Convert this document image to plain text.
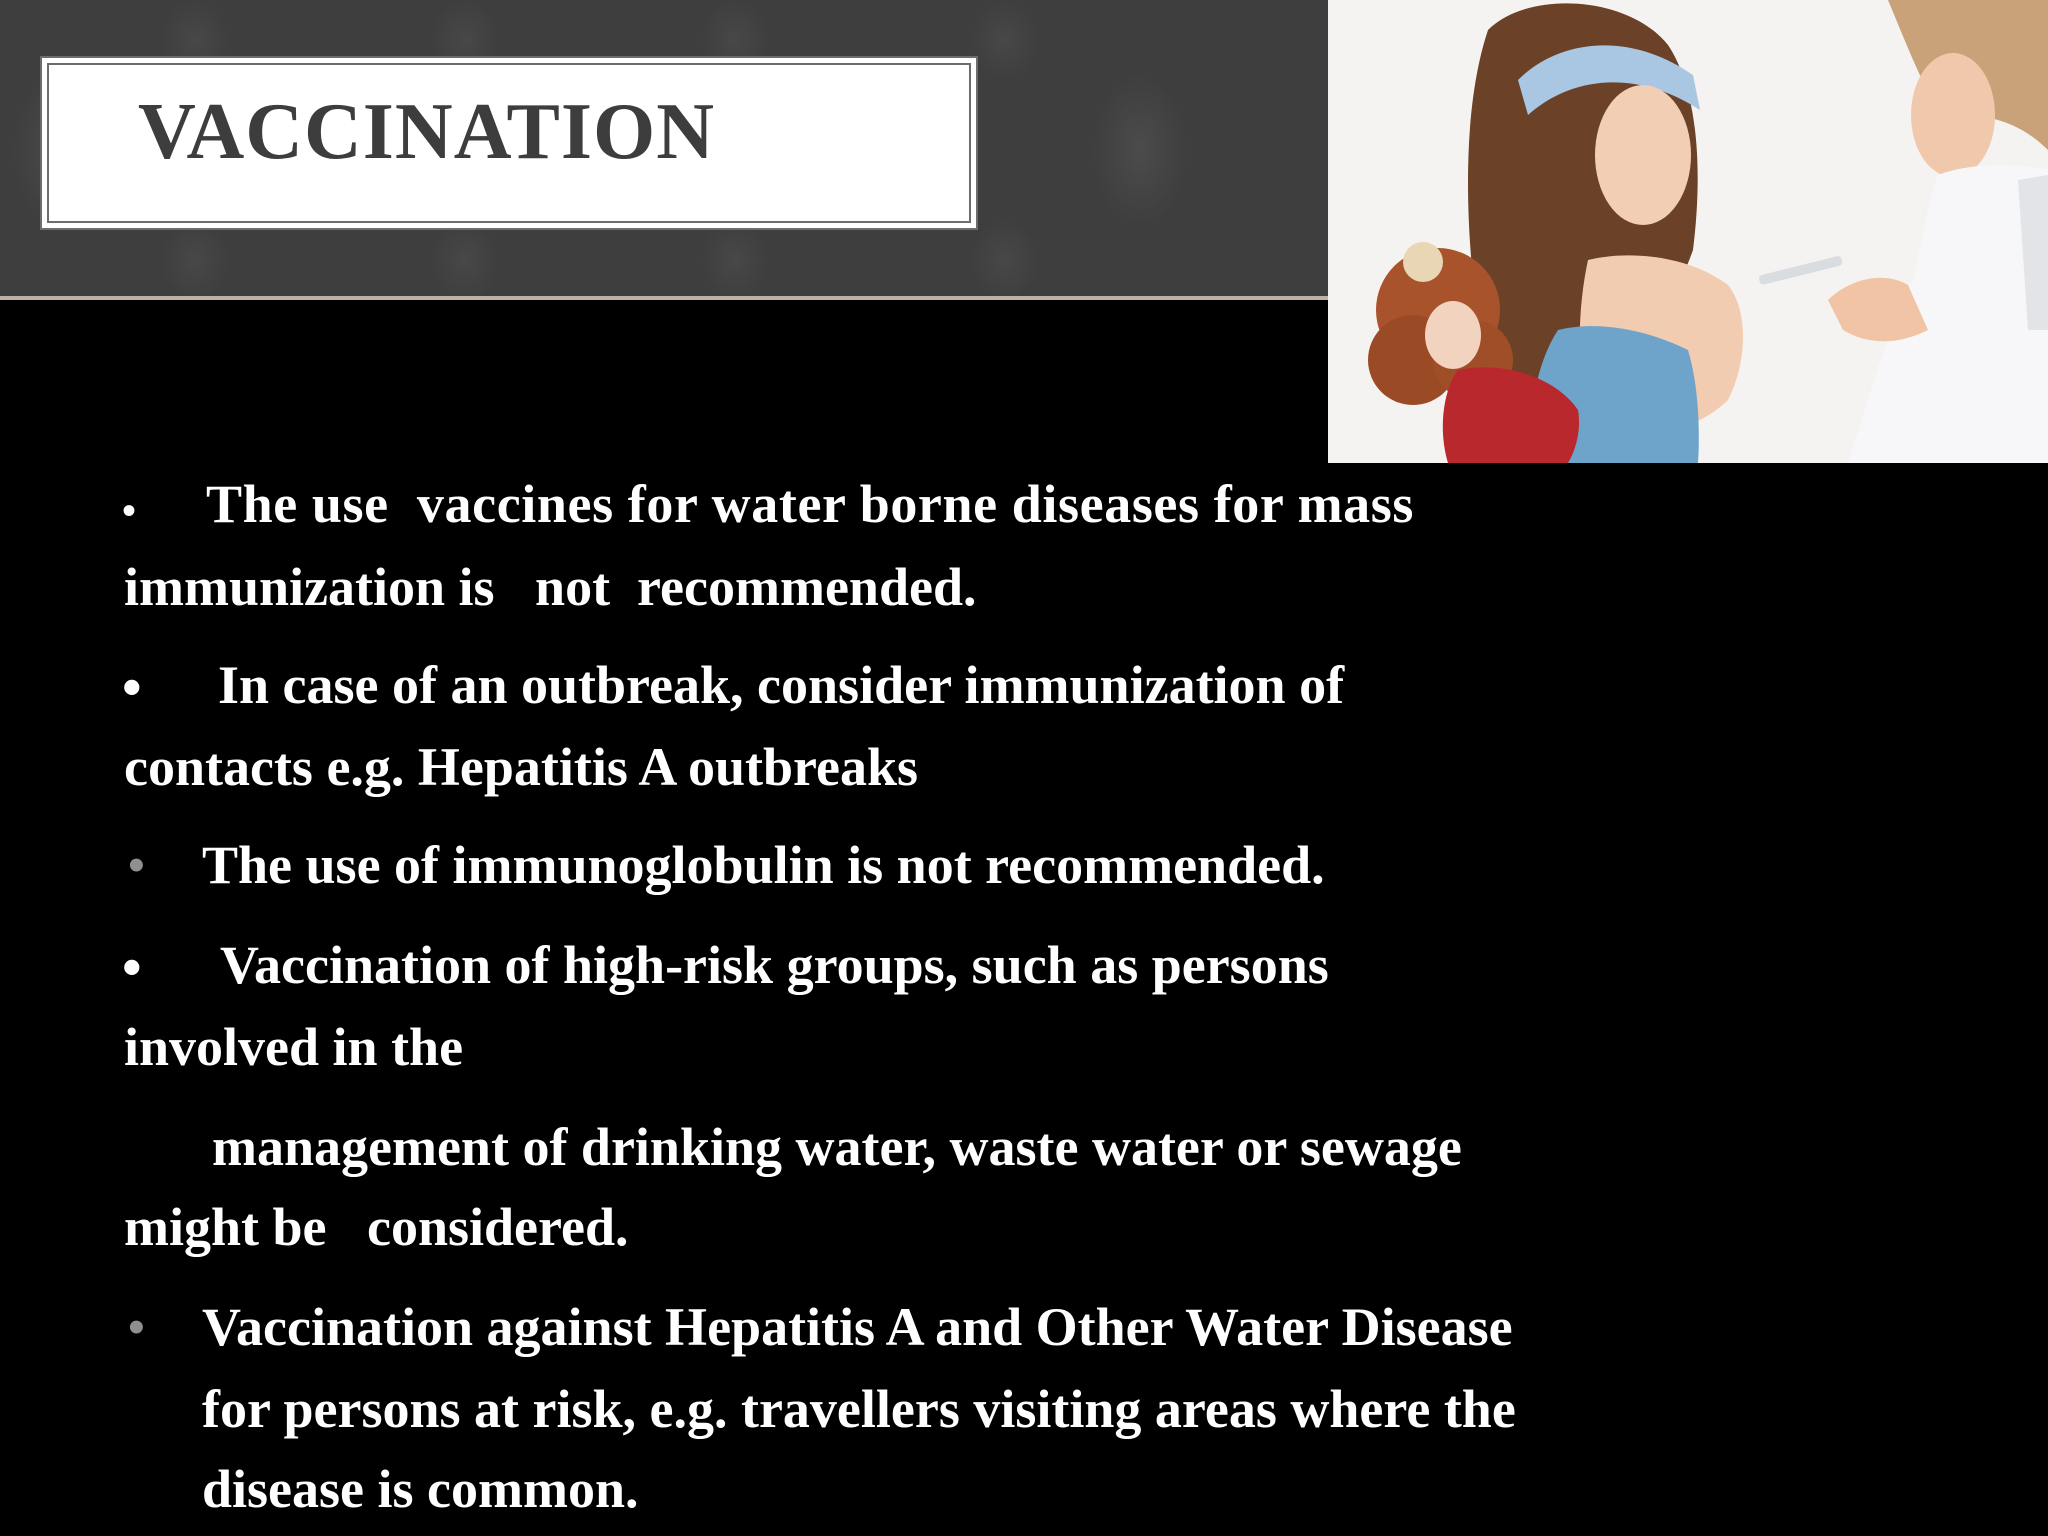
VACCINATION
• The use  vaccines for water borne diseases for mass
immunization is   not  recommended.
• In case of an outbreak, consider immunization of
contacts e.g. Hepatitis A outbreaks
• The use of immunoglobulin is not recommended.
• Vaccination of high-risk groups, such as persons
involved in the
management of drinking water, waste water or sewage
might be   considered.
• Vaccination against Hepatitis A and Other Water Disease
for persons at risk, e.g. travellers visiting areas where the
disease is common.
